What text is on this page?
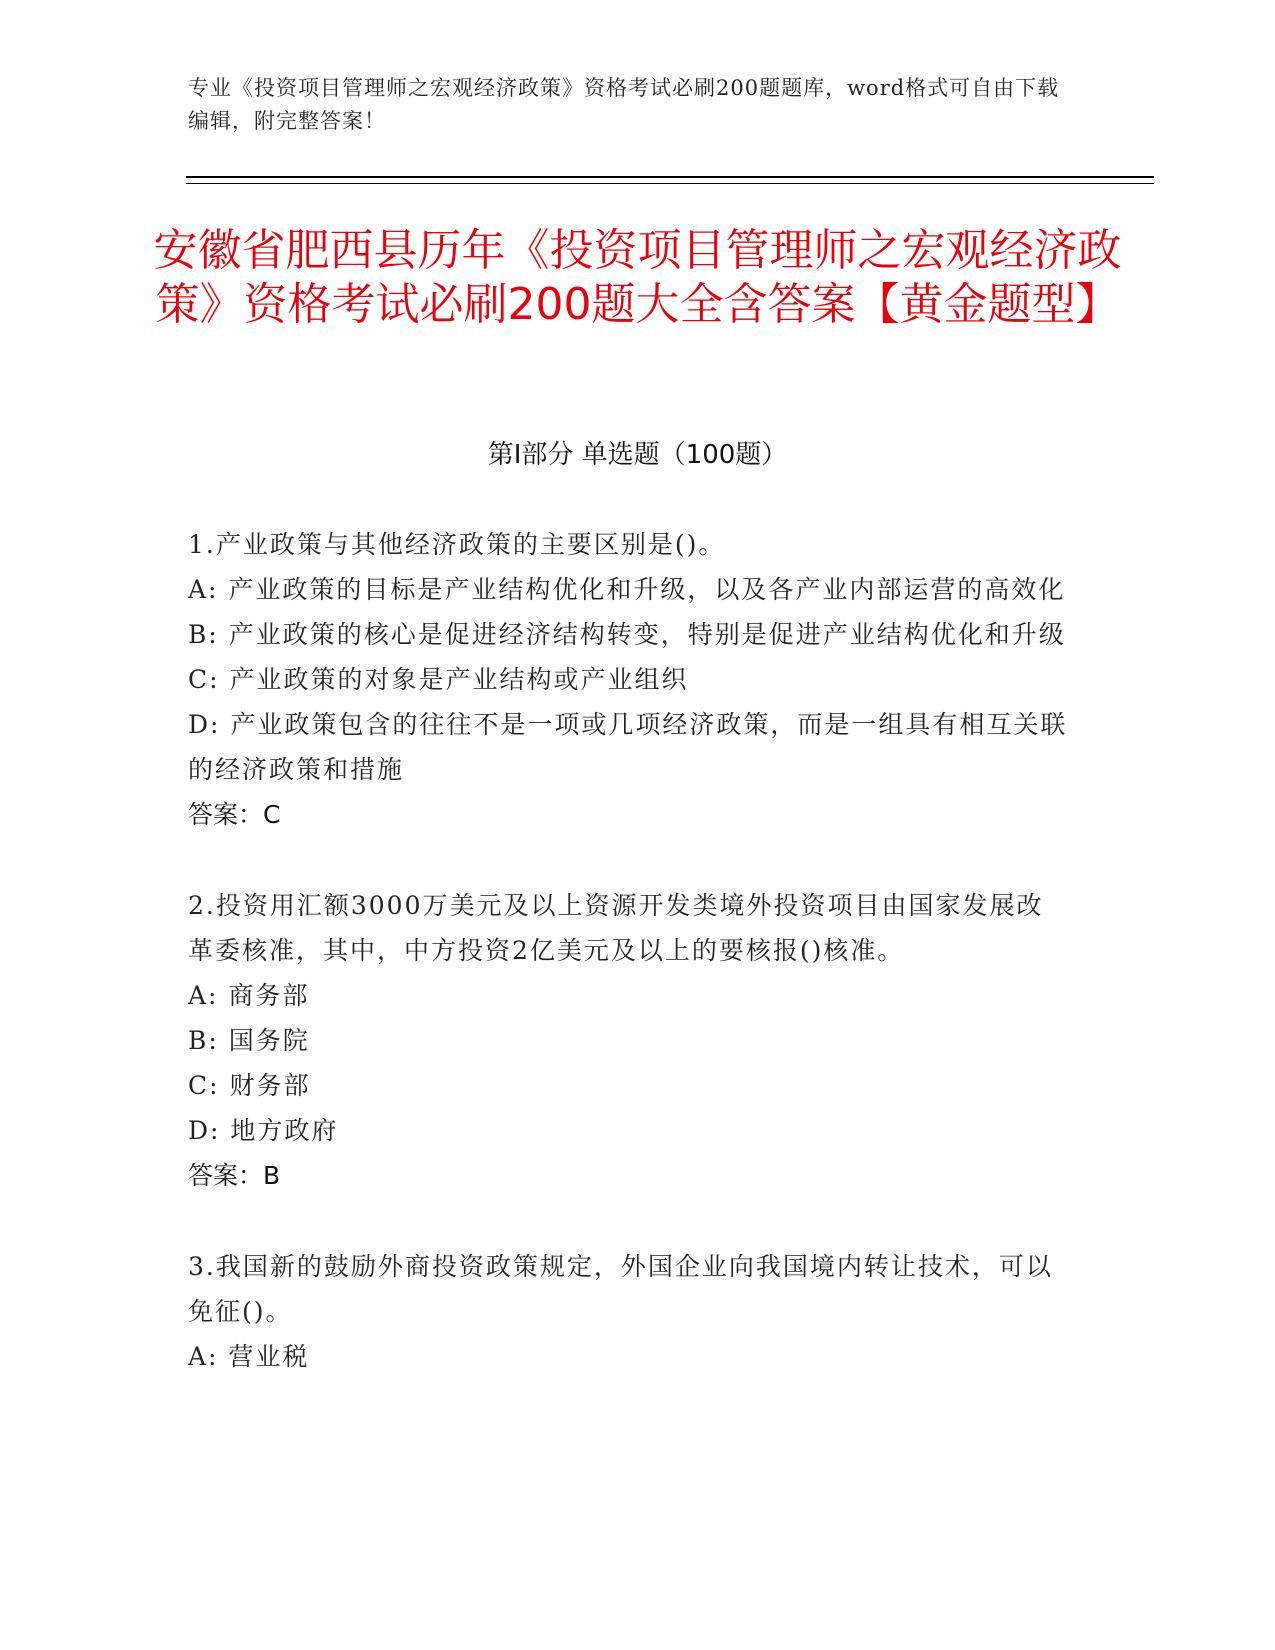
专业《投资项目管理师之宏观经济政策》资格考试必刷200题题库，word格式可自由下载编辑，附完整答案！
安徽省肥西县历年《投资项目管理师之宏观经济政策》资格考试必刷200题大全含答案【黄金题型】
第Ⅰ部分 单选题（100题）
1.产业政策与其他经济政策的主要区别是()。
A: 产业政策的目标是产业结构优化和升级，以及各产业内部运营的高效化
B: 产业政策的核心是促进经济结构转变，特别是促进产业结构优化和升级
C: 产业政策的对象是产业结构或产业组织
D: 产业政策包含的往往不是一项或几项经济政策，而是一组具有相互关联的经济政策和措施
答案：C
2.投资用汇额3000万美元及以上资源开发类境外投资项目由国家发展改革委核准，其中，中方投资2亿美元及以上的要核报()核准。
A: 商务部
B: 国务院
C: 财务部
D: 地方政府
答案：B
3.我国新的鼓励外商投资政策规定，外国企业向我国境内转让技术，可以免征()。
A: 营业税
